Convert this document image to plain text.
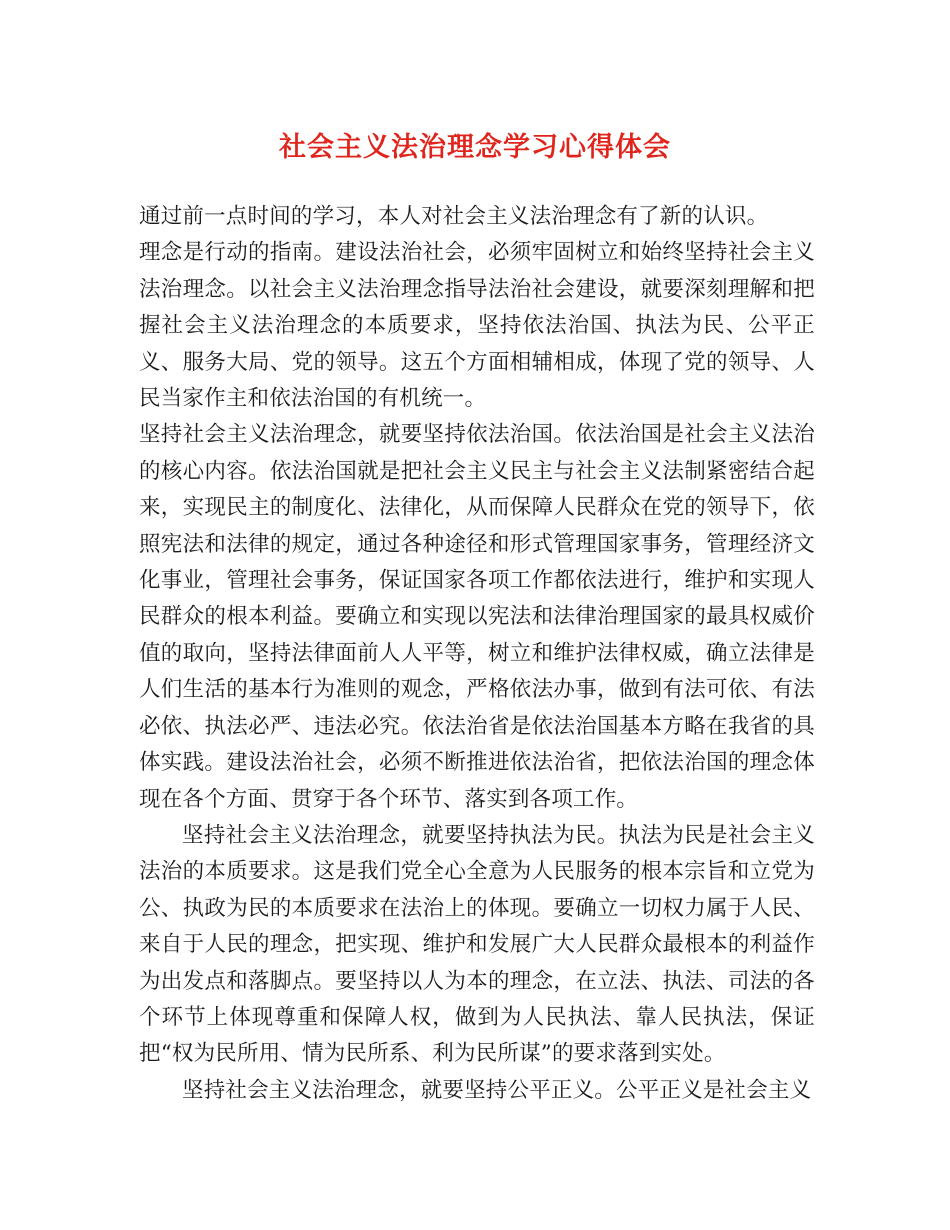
社会主义法治理念学习心得体会

通过前一点时间的学习，本人对社会主义法治理念有了新的认识。

理念是行动的指南。建设法治社会，必须牢固树立和始终坚持社会主义法治理念。以社会主义法治理念指导法治社会建设，就要深刻理解和把握社会主义法治理念的本质要求，坚持依法治国、执法为民、公平正义、服务大局、党的领导。这五个方面相辅相成，体现了党的领导、人民当家作主和依法治国的有机统一。

坚持社会主义法治理念，就要坚持依法治国。依法治国是社会主义法治的核心内容。依法治国就是把社会主义民主与社会主义法制紧密结合起来，实现民主的制度化、法律化，从而保障人民群众在党的领导下，依照宪法和法律的规定，通过各种途径和形式管理国家事务，管理经济文化事业，管理社会事务，保证国家各项工作都依法进行，维护和实现人民群众的根本利益。要确立和实现以宪法和法律治理国家的最具权威价值的取向，坚持法律面前人人平等，树立和维护法律权威，确立法律是人们生活的基本行为准则的观念，严格依法办事，做到有法可依、有法必依、执法必严、违法必究。依法治省是依法治国基本方略在我省的具体实践。建设法治社会，必须不断推进依法治省，把依法治国的理念体现在各个方面、贯穿于各个环节、落实到各项工作。

坚持社会主义法治理念，就要坚持执法为民。执法为民是社会主义法治的本质要求。这是我们党全心全意为人民服务的根本宗旨和立党为公、执政为民的本质要求在法治上的体现。要确立一切权力属于人民、来自于人民的理念，把实现、维护和发展广大人民群众最根本的利益作为出发点和落脚点。要坚持以人为本的理念，在立法、执法、司法的各个环节上体现尊重和保障人权，做到为人民执法、靠人民执法，保证把“权为民所用、情为民所系、利为民所谋”的要求落到实处。

坚持社会主义法治理念，就要坚持公平正义。公平正义是社会主义
